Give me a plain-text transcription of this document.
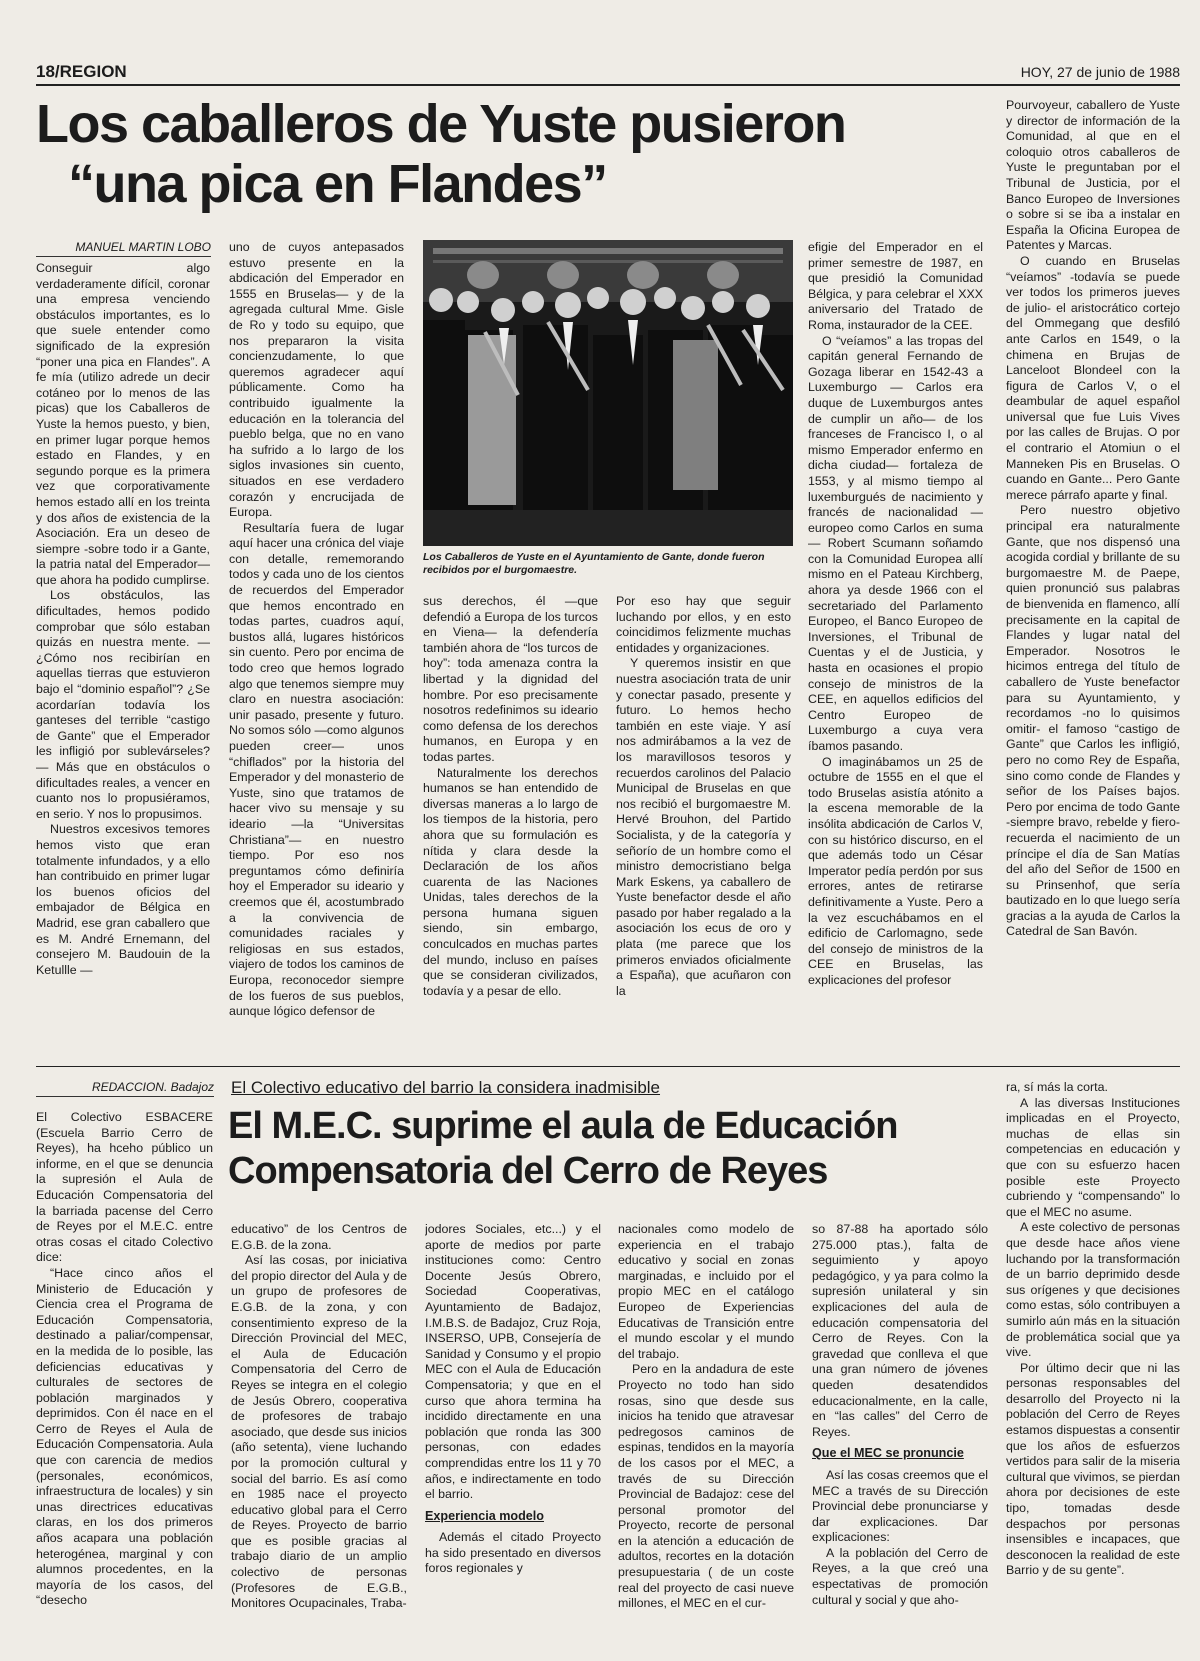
18/REGION	HOY, 27 de junio de 1988
Los caballeros de Yuste pusieron
“una pica en Flandes”
MANUEL MARTIN LOBO

Conseguir algo verdaderamente difícil, coronar una empresa venciendo obstáculos importantes, es lo que suele entender como significado de la expresión “poner una pica en Flandes”. A fe mía (utilizo adrede un decir cotáneo por lo menos de las picas) que los Caballeros de Yuste la hemos puesto, y bien, en primer lugar porque hemos estado en Flandes, y en segundo porque es la primera vez que corporativamente hemos estado allí en los treinta y dos años de existencia de la Asociación. Era un deseo de siempre -sobre todo ir a Gante, la patria natal del Emperador— que ahora ha podido cumplirse.

Los obstáculos, las dificultades, hemos podido comprobar que sólo estaban quizás en nuestra mente. —¿Cómo nos recibirían en aquellas tierras que estuvieron bajo el “dominio español”? ¿Se acordarían todavía los ganteses del terrible “castigo de Gante” que el Emperador les infligió por sublevárseles?— Más que en obstáculos o dificultades reales, a vencer en cuanto nos lo propusiéramos, en serio. Y nos lo propusimos.

Nuestros excesivos temores hemos visto que eran totalmente infundados, y a ello han contribuido en primer lugar los buenos oficios del embajador de Bélgica en Madrid, ese gran caballero que es M. André Ernemann, del consejero M. Baudouin de la Ketullle —

uno de cuyos antepasados estuvo presente en la abdicación del Emperador en 1555 en Bruselas— y de la agregada cultural Mme. Gisle de Ro y todo su equipo, que nos prepararon la visita concienzudamente, lo que queremos agradecer aquí públicamente. Como ha contribuido igualmente la educación en la tolerancia del pueblo belga, que no en vano ha sufrido a lo largo de los siglos invasiones sin cuento, situados en ese verdadero corazón y encrucijada de Europa.

Resultaría fuera de lugar aquí hacer una crónica del viaje con detalle, rememorando todos y cada uno de los cientos de recuerdos del Emperador que hemos encontrado en todas partes, cuadros aquí, bustos allá, lugares históricos sin cuento. Pero por encima de todo creo que hemos logrado algo que tenemos siempre muy claro en nuestra asociación: unir pasado, presente y futuro. No somos sólo —como algunos pueden creer— unos “chiflados” por la historia del Emperador y del monasterio de Yuste, sino que tratamos de hacer vivo su mensaje y su ideario —la “Universitas Christiana”— en nuestro tiempo. Por eso nos preguntamos cómo definiría hoy el Emperador su ideario y creemos que él, acostumbrado a la convivencia de comunidades raciales y religiosas en sus estados, viajero de todos los caminos de Europa, reconocedor siempre de los fueros de sus pueblos, aunque lógico defensor de

Los Caballeros de Yuste en el Ayuntamiento de Gante, donde fueron recibidos por el burgomaestre.

sus derechos, él —que defendió a Europa de los turcos en Viena— la defendería también ahora de “los turcos de hoy”: toda amenaza contra la libertad y la dignidad del hombre. Por eso precisamente nosotros redefinimos su ideario como defensa de los derechos humanos, en Europa y en todas partes.

Naturalmente los derechos humanos se han entendido de diversas maneras a lo largo de los tiempos de la historia, pero ahora que su formulación es nítida y clara desde la Declaración de los años cuarenta de las Naciones Unidas, tales derechos de la persona humana siguen siendo, sin embargo, conculcados en muchas partes del mundo, incluso en países que se consideran civilizados, todavía y a pesar de ello.

Por eso hay que seguir luchando por ellos, y en esto coincidimos felizmente muchas entidades y organizaciones.

Y queremos insistir en que nuestra asociación trata de unir y conectar pasado, presente y futuro. Lo hemos hecho también en este viaje. Y así nos admirábamos a la vez de los maravillosos tesoros y recuerdos carolinos del Palacio Municipal de Bruselas en que nos recibió el burgomaestre M. Hervé Brouhon, del Partido Socialista, y de la categoría y señorío de un hombre como el ministro democristiano belga Mark Eskens, ya caballero de Yuste benefactor desde el año pasado por haber regalado a la asociación los ecus de oro y plata (me parece que los primeros enviados oficialmente a España), que acuñaron con la

efigie del Emperador en el primer semestre de 1987, en que presidió la Comunidad Bélgica, y para celebrar el XXX aniversario del Tratado de Roma, instaurador de la CEE.

O “veíamos” a las tropas del capitán general Fernando de Gozaga liberar en 1542-43 a Luxemburgo — Carlos era duque de Luxemburgos antes de cumplir un año— de los franceses de Francisco I, o al mismo Emperador enfermo en dicha ciudad— fortaleza de 1553, y al mismo tiempo al luxemburgués de nacimiento y francés de nacionalidad —europeo como Carlos en suma— Robert Scumann soñamdo con la Comunidad Europea allí mismo en el Pateau Kirchberg, ahora ya desde 1966 con el secretariado del Parlamento Europeo, el Banco Europeo de Inversiones, el Tribunal de Cuentas y el de Justicia, y hasta en ocasiones el propio consejo de ministros de la CEE, en aquellos edificios del Centro Europeo de Luxemburgo a cuya vera íbamos pasando.

O imaginábamos un 25 de octubre de 1555 en el que el todo Bruselas asistía atónito a la escena memorable de la insólita abdicación de Carlos V, con su histórico discurso, en el que además todo un César Imperator pedía perdón por sus errores, antes de retirarse definitivamente a Yuste. Pero a la vez escuchábamos en el edificio de Carlomagno, sede del consejo de ministros de la CEE en Bruselas, las explicaciones del profesor

Pourvoyeur, caballero de Yuste y director de información de la Comunidad, al que en el coloquio otros caballeros de Yuste le preguntaban por el Tribunal de Justicia, por el Banco Europeo de Inversiones o sobre si se iba a instalar en España la Oficina Europea de Patentes y Marcas.

O cuando en Bruselas “veíamos” -todavía se puede ver todos los primeros jueves de julio- el aristocrático cortejo del Ommegang que desfiló ante Carlos en 1549, o la chimena en Brujas de Lanceloot Blondeel con la figura de Carlos V, o el deambular de aquel español universal que fue Luis Vives por las calles de Brujas. O por el contrario el Atomiun o el Manneken Pis en Bruselas. O cuando en Gante... Pero Gante merece párrafo aparte y final.

Pero nuestro objetivo principal era naturalmente Gante, que nos dispensó una acogida cordial y brillante de su burgomaestre M. de Paepe, quien pronunció sus palabras de bienvenida en flamenco, allí precisamente en la capital de Flandes y lugar natal del Emperador. Nosotros le hicimos entrega del título de caballero de Yuste benefactor para su Ayuntamiento, y recordamos -no lo quisimos omitir- el famoso “castigo de Gante” que Carlos les infligió, pero no como Rey de España, sino como conde de Flandes y señor de los Países bajos. Pero por encima de todo Gante -siempre bravo, rebelde y fiero- recuerda el nacimiento de un príncipe el día de San Matías del año del Señor de 1500 en su Prinsenhof, que sería bautizado en lo que luego sería gracias a la ayuda de Carlos la Catedral de San Bavón.

REDACCION. Badajoz El Colectivo educativo del barrio la considera inadmisible
El M.E.C. suprime el aula de Educación
Compensatoria del Cerro de Reyes

El Colectivo ESBACERE (Escuela Barrio Cerro de Reyes), ha hceho público un informe, en el que se denuncia la supresión el Aula de Educación Compensatoria del la barriada pacense del Cerro de Reyes por el M.E.C. entre otras cosas el citado Colectivo dice:

“Hace cinco años el Ministerio de Educación y Ciencia crea el Programa de Educación Compensatoria, destinado a paliar/compensar, en la medida de lo posible, las deficiencias educativas y culturales de sectores de población marginados y deprimidos. Con él nace en el Cerro de Reyes el Aula de Educación Compensatoria. Aula que con carencia de medios (personales, económicos, infraestructura de locales) y sin unas directrices educativas claras, en los dos primeros años acapara una población heterogénea, marginal y con alumnos procedentes, en la mayoría de los casos, del “desecho

educativo” de los Centros de E.G.B. de la zona.

Así las cosas, por iniciativa del propio director del Aula y de un grupo de profesores de E.G.B. de la zona, y con consentimiento expreso de la Dirección Provincial del MEC, el Aula de Educación Compensatoria del Cerro de Reyes se integra en el colegio de Jesús Obrero, cooperativa de profesores de trabajo asociado, que desde sus inicios (año setenta), viene luchando por la promoción cultural y social del barrio. Es así como en 1985 nace el proyecto educativo global para el Cerro de Reyes. Proyecto de barrio que es posible gracias al trabajo diario de un amplio colectivo de personas (Profesores de E.G.B., Monitores Ocupacinales, Traba-

jodores Sociales, etc...) y el aporte de medios por parte instituciones como: Centro Docente Jesús Obrero, Sociedad Cooperativas, Ayuntamiento de Badajoz, I.M.B.S. de Badajoz, Cruz Roja, INSERSO, UPB, Consejería de Sanidad y Consumo y el propio MEC con el Aula de Educación Compensatoria; y que en el curso que ahora termina ha incidido directamente en una población que ronda las 300 personas, con edades comprendidas entre los 11 y 70 años, e indirectamente en todo el barrio.

Experiencia modelo

Además el citado Proyecto ha sido presentado en diversos foros regionales y

nacionales como modelo de experiencia en el trabajo educativo y social en zonas marginadas, e incluido por el propio MEC en el catálogo Europeo de Experiencias Educativas de Transición entre el mundo escolar y el mundo del trabajo.

Pero en la andadura de este Proyecto no todo han sido rosas, sino que desde sus inicios ha tenido que atravesar pedregosos caminos de espinas, tendidos en la mayoría de los casos por el MEC, a través de su Dirección Provincial de Badajoz: cese del personal promotor del Proyecto, recorte de personal en la atención a educación de adultos, recortes en la dotación presupuestaria ( de un coste real del proyecto de casi nueve millones, el MEC en el cur-

so 87-88 ha aportado sólo 275.000 ptas.), falta de seguimiento y apoyo pedagógico, y ya para colmo la supresión unilateral y sin explicaciones del aula de educación compensatoria del Cerro de Reyes. Con la gravedad que conlleva el que una gran número de jóvenes queden desatendidos educacionalmente, en la calle, en “las calles” del Cerro de Reyes.

Que el MEC se pronuncie

Así las cosas creemos que el MEC a través de su Dirección Provincial debe pronunciarse y dar explicaciones. Dar explicaciones:

A la población del Cerro de Reyes, a la que creó una espectativas de promoción cultural y social y que aho-

ra, sí más la corta.

A las diversas Instituciones implicadas en el Proyecto, muchas de ellas sin competencias en educación y que con su esfuerzo hacen posible este Proyecto cubriendo y “compensando” lo que el MEC no asume.

A este colectivo de personas que desde hace años viene luchando por la transformación de un barrio deprimido desde sus orígenes y que decisiones como estas, sólo contribuyen a sumirlo aún más en la situación de problemática social que ya vive.

Por último decir que ni las personas responsables del desarrollo del Proyecto ni la población del Cerro de Reyes estamos dispuestas a consentir que los años de esfuerzos vertidos para salir de la miseria cultural que vivimos, se pierdan ahora por decisiones de este tipo, tomadas desde despachos por personas insensibles e incapaces, que desconocen la realidad de este Barrio y de su gente”.
